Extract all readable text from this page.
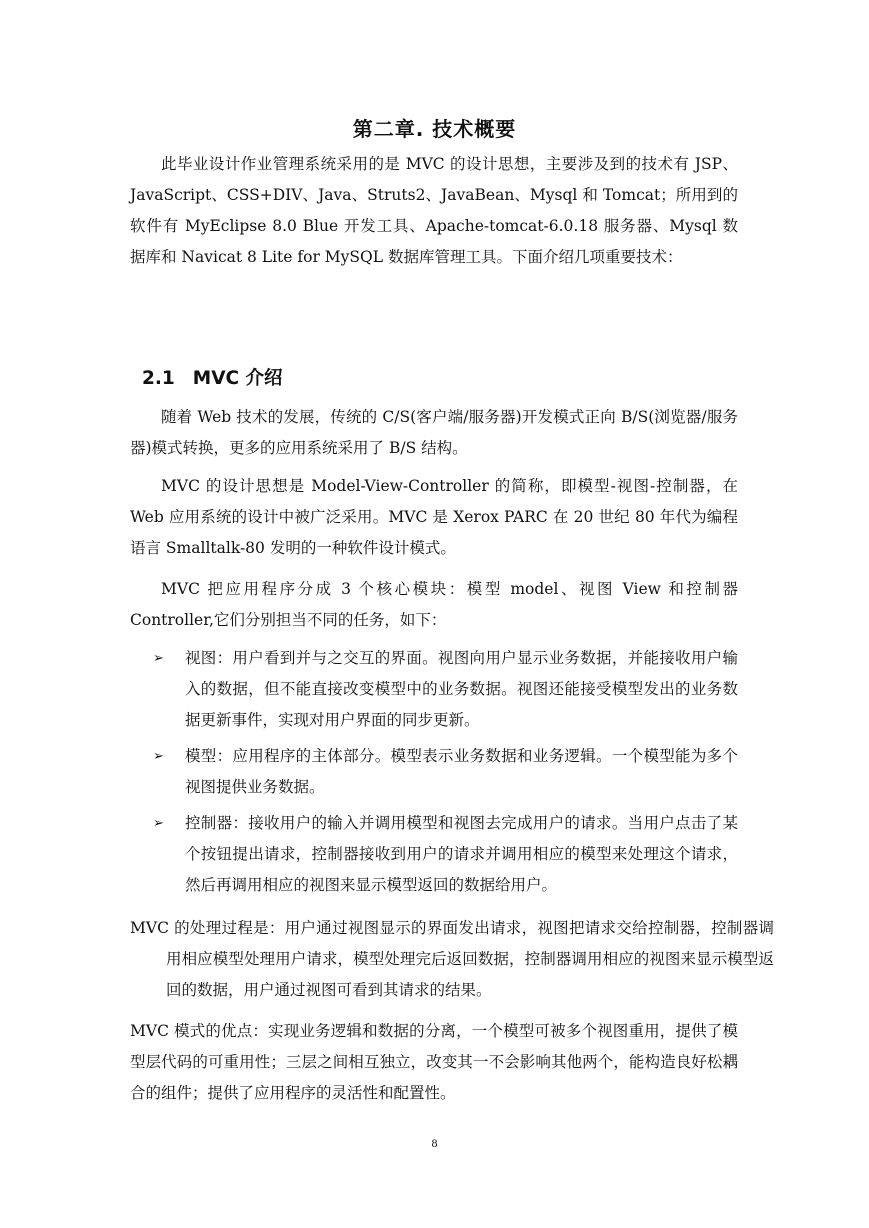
第二章. 技术概要

此毕业设计作业管理系统采用的是 MVC 的设计思想，主要涉及到的技术有 JSP、JavaScript、CSS+DIV、Java、Struts2、JavaBean、Mysql 和 Tomcat；所用到的软件有 MyEclipse 8.0 Blue 开发工具、Apache-tomcat-6.0.18 服务器、Mysql 数据库和 Navicat 8 Lite for MySQL 数据库管理工具。下面介绍几项重要技术：

2.1 MVC 介绍

随着 Web 技术的发展，传统的 C/S(客户端/服务器)开发模式正向 B/S(浏览器/服务器)模式转换，更多的应用系统采用了 B/S 结构。

MVC 的设计思想是 Model-View-Controller 的简称，即模型-视图-控制器，在 Web 应用系统的设计中被广泛采用。MVC 是 Xerox PARC 在 20 世纪 80 年代为编程语言 Smalltalk-80 发明的一种软件设计模式。

MVC 把应用程序分成 3 个核心模块：模型 model、视图 View 和控制器 Controller,它们分别担当不同的任务，如下：

➢ 视图：用户看到并与之交互的界面。视图向用户显示业务数据，并能接收用户输入的数据，但不能直接改变模型中的业务数据。视图还能接受模型发出的业务数据更新事件，实现对用户界面的同步更新。
➢ 模型：应用程序的主体部分。模型表示业务数据和业务逻辑。一个模型能为多个视图提供业务数据。
➢ 控制器：接收用户的输入并调用模型和视图去完成用户的请求。当用户点击了某个按钮提出请求，控制器接收到用户的请求并调用相应的模型来处理这个请求，然后再调用相应的视图来显示模型返回的数据给用户。

MVC 的处理过程是：用户通过视图显示的界面发出请求，视图把请求交给控制器，控制器调用相应模型处理用户请求，模型处理完后返回数据，控制器调用相应的视图来显示模型返回的数据，用户通过视图可看到其请求的结果。

MVC 模式的优点：实现业务逻辑和数据的分离，一个模型可被多个视图重用，提供了模型层代码的可重用性；三层之间相互独立，改变其一不会影响其他两个，能构造良好松耦合的组件；提供了应用程序的灵活性和配置性。

8
